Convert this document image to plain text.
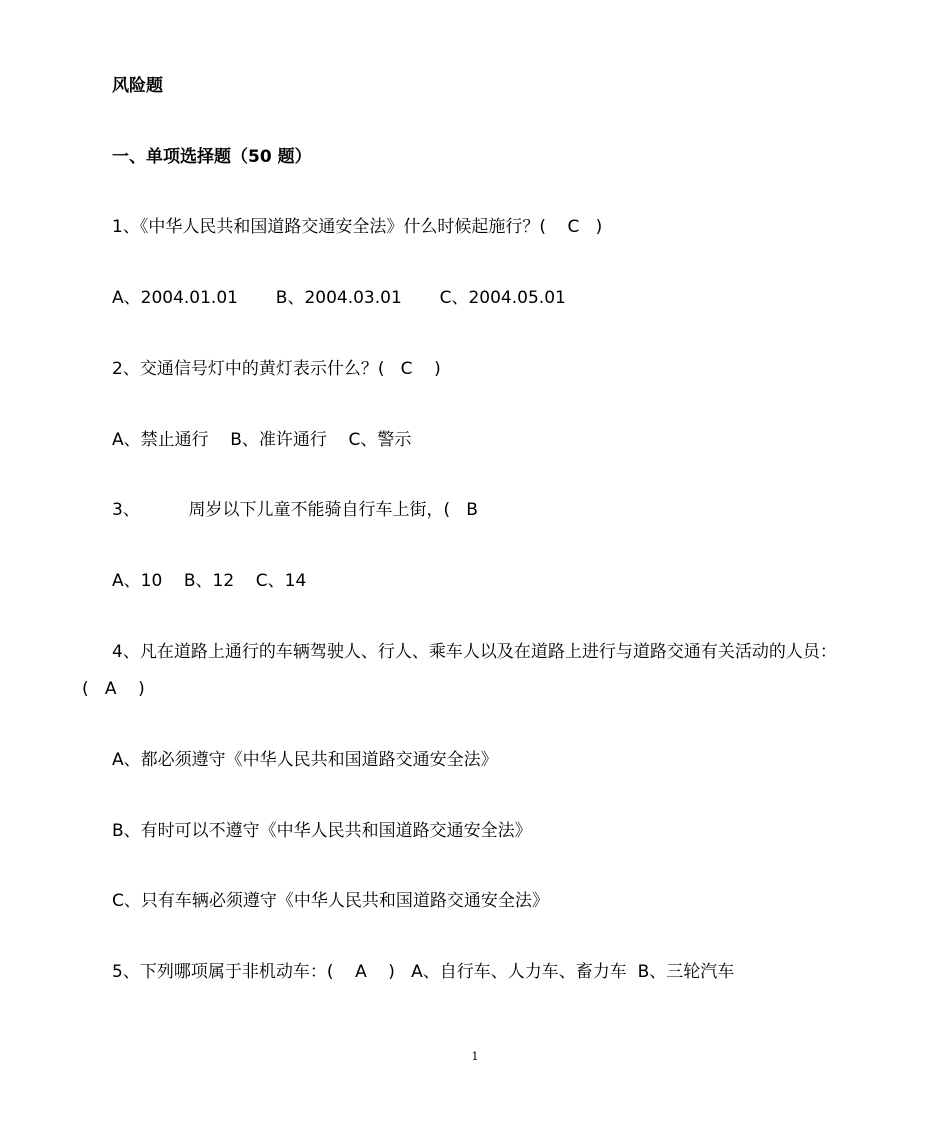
风险题
一、单项选择题（50 题）
1、《中华人民共和国道路交通安全法》什么时候起施行？(    C   )
A、2004.01.01       B、2004.03.01       C、2004.05.01
2、交通信号灯中的黄灯表示什么？(   C    )
A、禁止通行    B、准许通行    C、警示
3、         周岁以下儿童不能骑自行车上街，(   B
A、10    B、12    C、14
4、凡在道路上通行的车辆驾驶人、行人、乘车人以及在道路上进行与道路交通有关活动的人员：
(   A    )
A、都必须遵守《中华人民共和国道路交通安全法》
B、有时可以不遵守《中华人民共和国道路交通安全法》
C、只有车辆必须遵守《中华人民共和国道路交通安全法》
5、下列哪项属于非机动车：(    A    )   A、自行车、人力车、畜力车  B、三轮汽车
1
